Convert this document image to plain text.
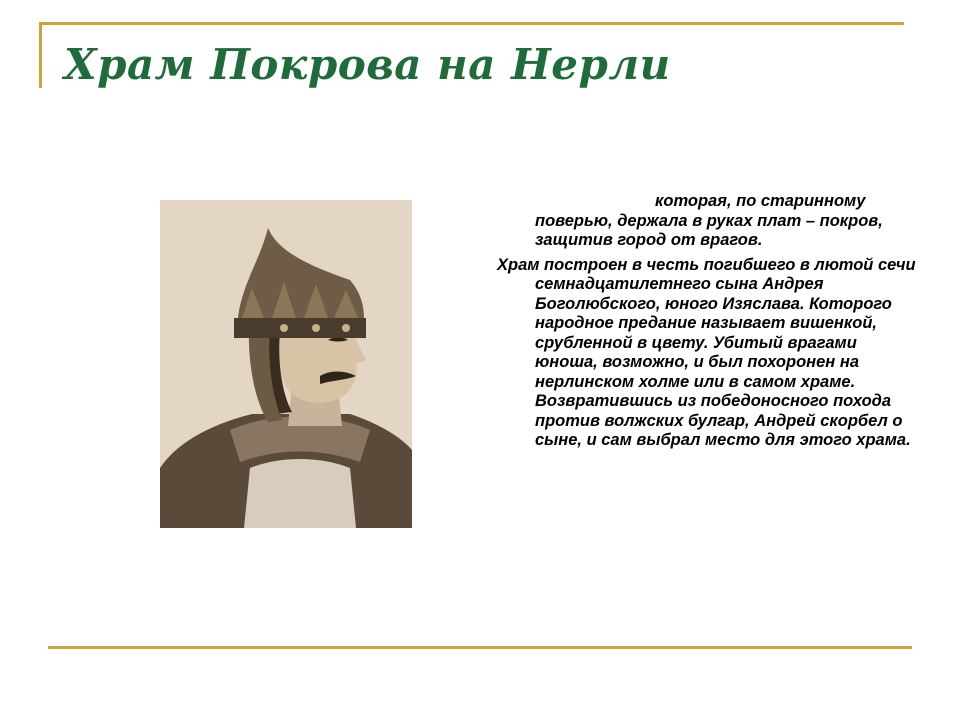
Храм Покрова на Нерли

которая, по старинному поверью, держала в руках плат – покров, защитив город от врагов.

Храм построен в честь погибшего в лютой сечи семнадцатилетнего сына Андрея Боголюбского, юного Изяслава. Которого народное предание называет вишенкой, срубленной в цвету. Убитый врагами юноша, возможно, и был похоронен на нерлинском холме или в самом храме. Возвратившись из победоносного похода против волжских булгар, Андрей скорбел о сыне, и сам выбрал место для этого храма.
